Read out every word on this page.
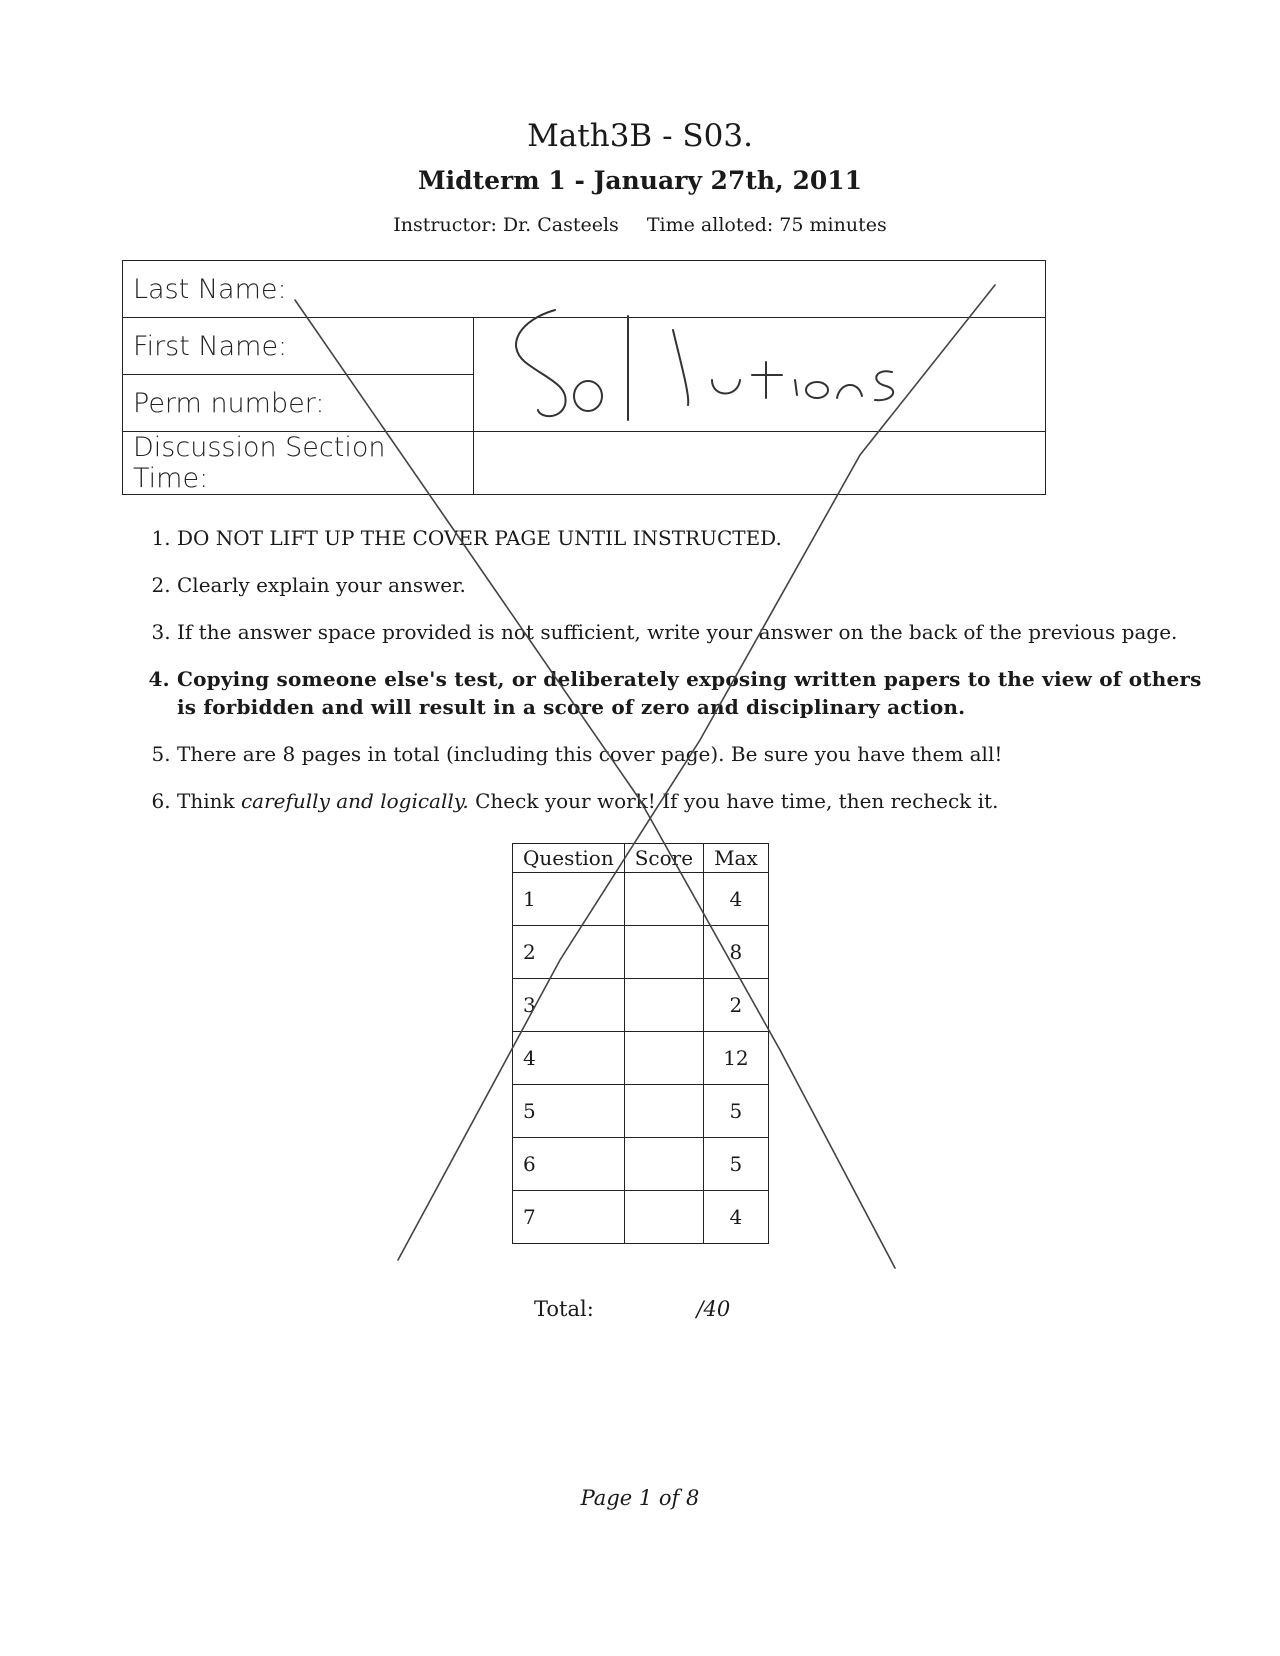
Math3B - S03.
Midterm 1 - January 27th, 2011
Instructor: Dr. Casteels Time alloted: 75 minutes
Last Name:	
First Name:	
Perm number:	
Discussion Section Time:	
1. DO NOT LIFT UP THE COVER PAGE UNTIL INSTRUCTED.
2. Clearly explain your answer.
3. If the answer space provided is not sufficient, write your answer on the back of the previous page.
4. Copying someone else's test, or deliberately exposing written papers to the view of others is forbidden and will result in a score of zero and disciplinary action.
5. There are 8 pages in total (including this cover page). Be sure you have them all!
6. Think carefully and logically. Check your work! If you have time, then recheck it.
Question	Score	Max
1		4
2		8
3		2
4		12
5		5
6		5
7		4
Total:	/40
Page 1 of 8
